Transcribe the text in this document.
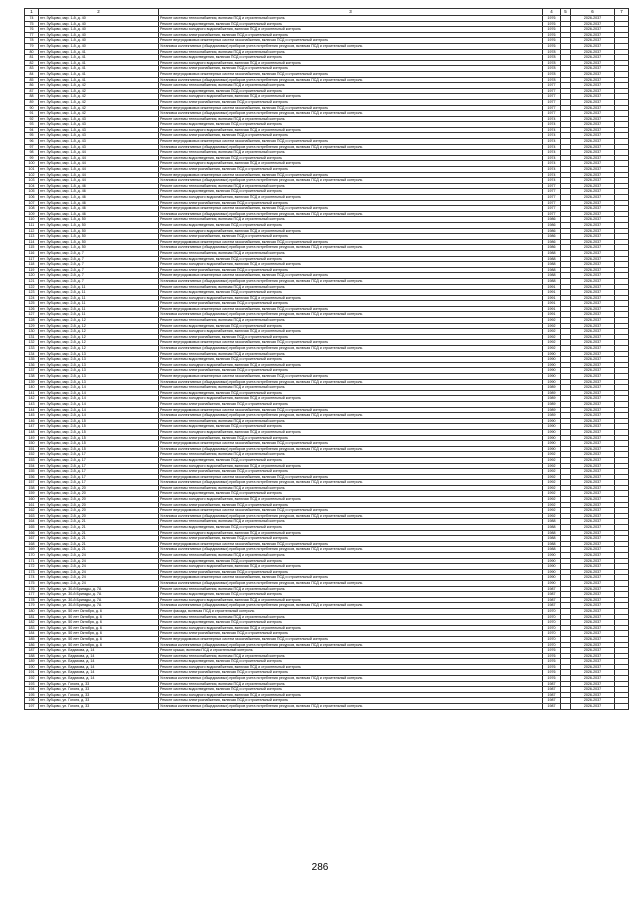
1	2	3	4	5	6	7
74	пгт. Зубцово, мкр. 1-й, д. 40	Ремонт системы теплоснабжения, включая ПСД и строительный контроль	1976		2026-2037	
75	пгт. Зубцово, мкр. 1-й, д. 40	Ремонт системы водоотведения, включая ПСД и строительный контроль	1976		2026-2037	
76	пгт. Зубцово, мкр. 1-й, д. 40	Ремонт системы холодного водоснабжения, включая ПСД и строительный контроль	1976		2026-2037	
77	пгт. Зубцово, мкр. 1-й, д. 40	Ремонт системы электроснабжения, включая ПСД и строительный контроль	1976		2026-2037	
78	пгт. Зубцово, мкр. 1-й, д. 40	Ремонт внутридомовых инженерных систем газоснабжения, включая ПСД и строительный контроль	1976		2026-2037	
79	пгт. Зубцово, мкр. 1-й, д. 40	Установка коллективных (общедомовых) приборов учета потребления ресурсов, включая ПСД и строительный контроль	1976		2026-2037	
80	пгт. Зубцово, мкр. 1-й, д. 41	Ремонт системы теплоснабжения, включая ПСД и строительный контроль	1978		2026-2037	
81	пгт. Зубцово, мкр. 1-й, д. 41	Ремонт системы водоотведения, включая ПСД и строительный контроль	1978		2026-2037	
82	пгт. Зубцово, мкр. 1-й, д. 41	Ремонт системы холодного водоснабжения, включая ПСД и строительный контроль	1978		2026-2037	
83	пгт. Зубцово, мкр. 1-й, д. 41	Ремонт системы электроснабжения, включая ПСД и строительный контроль	1978		2026-2037	
84	пгт. Зубцово, мкр. 1-й, д. 41	Ремонт внутридомовых инженерных систем газоснабжения, включая ПСД и строительный контроль	1978		2026-2037	
85	пгт. Зубцово, мкр. 1-й, д. 41	Установка коллективных (общедомовых) приборов учета потребления ресурсов, включая ПСД и строительный контроль	1978		2026-2037	
86	пгт. Зубцово, мкр. 1-й, д. 42	Ремонт системы теплоснабжения, включая ПСД и строительный контроль	1977		2026-2037	
87	пгт. Зубцово, мкр. 1-й, д. 42	Ремонт системы водоотведения, включая ПСД и строительный контроль	1977		2026-2037	
88	пгт. Зубцово, мкр. 1-й, д. 42	Ремонт системы холодного водоснабжения, включая ПСД и строительный контроль	1977		2026-2037	
89	пгт. Зубцово, мкр. 1-й, д. 42	Ремонт системы электроснабжения, включая ПСД и строительный контроль	1977		2026-2037	
90	пгт. Зубцово, мкр. 1-й, д. 42	Ремонт внутридомовых инженерных систем газоснабжения, включая ПСД и строительный контроль	1977		2026-2037	
91	пгт. Зубцово, мкр. 1-й, д. 42	Установка коллективных (общедомовых) приборов учета потребления ресурсов, включая ПСД и строительный контроль	1977		2026-2037	
92	пгт. Зубцово, мкр. 1-й, д. 43	Ремонт системы теплоснабжения, включая ПСД и строительный контроль	1974		2026-2037	
93	пгт. Зубцово, мкр. 1-й, д. 43	Ремонт системы водоотведения, включая ПСД и строительный контроль	1974		2026-2037	
94	пгт. Зубцово, мкр. 1-й, д. 43	Ремонт системы холодного водоснабжения, включая ПСД и строительный контроль	1974		2026-2037	
95	пгт. Зубцово, мкр. 1-й, д. 43	Ремонт системы электроснабжения, включая ПСД и строительный контроль	1974		2026-2037	
96	пгт. Зубцово, мкр. 1-й, д. 43	Ремонт внутридомовых инженерных систем газоснабжения, включая ПСД и строительный контроль	1974		2026-2037	
97	пгт. Зубцово, мкр. 1-й, д. 43	Установка коллективных (общедомовых) приборов учета потребления ресурсов, включая ПСД и строительный контроль	1974		2026-2037	
98	пгт. Зубцово, мкр. 1-й, д. 44	Ремонт системы теплоснабжения, включая ПСД и строительный контроль	1974		2026-2037	
99	пгт. Зубцово, мкр. 1-й, д. 44	Ремонт системы водоотведения, включая ПСД и строительный контроль	1974		2026-2037	
100	пгт. Зубцово, мкр. 1-й, д. 44	Ремонт системы холодного водоснабжения, включая ПСД и строительный контроль	1974		2026-2037	
101	пгт. Зубцово, мкр. 1-й, д. 44	Ремонт системы электроснабжения, включая ПСД и строительный контроль	1974		2026-2037	
102	пгт. Зубцово, мкр. 1-й, д. 44	Ремонт внутридомовых инженерных систем газоснабжения, включая ПСД и строительный контроль	1974		2026-2037	
103	пгт. Зубцово, мкр. 1-й, д. 44	Установка коллективных (общедомовых) приборов учета потребления ресурсов, включая ПСД и строительный контроль	1974		2026-2037	
104	пгт. Зубцово, мкр. 1-й, д. 46	Ремонт системы теплоснабжения, включая ПСД и строительный контроль	1977		2026-2037	
105	пгт. Зубцово, мкр. 1-й, д. 46	Ремонт системы водоотведения, включая ПСД и строительный контроль	1977		2026-2037	
106	пгт. Зубцово, мкр. 1-й, д. 46	Ремонт системы холодного водоснабжения, включая ПСД и строительный контроль	1977		2026-2037	
107	пгт. Зубцово, мкр. 1-й, д. 46	Ремонт системы электроснабжения, включая ПСД и строительный контроль	1977		2026-2037	
108	пгт. Зубцово, мкр. 1-й, д. 46	Ремонт внутридомовых инженерных систем газоснабжения, включая ПСД и строительный контроль	1977		2026-2037	
109	пгт. Зубцово, мкр. 1-й, д. 46	Установка коллективных (общедомовых) приборов учета потребления ресурсов, включая ПСД и строительный контроль	1977		2026-2037	
110	пгт. Зубцово, мкр. 1-й, д. 50	Ремонт системы теплоснабжения, включая ПСД и строительный контроль	1986		2026-2037	
111	пгт. Зубцово, мкр. 1-й, д. 50	Ремонт системы водоотведения, включая ПСД и строительный контроль	1986		2026-2037	
112	пгт. Зубцово, мкр. 1-й, д. 50	Ремонт системы холодного водоснабжения, включая ПСД и строительный контроль	1986		2026-2037	
113	пгт. Зубцово, мкр. 1-й, д. 50	Ремонт системы электроснабжения, включая ПСД и строительный контроль	1986		2026-2037	
114	пгт. Зубцово, мкр. 1-й, д. 50	Ремонт внутридомовых инженерных систем газоснабжения, включая ПСД и строительный контроль	1986		2026-2037	
115	пгт. Зубцово, мкр. 1-й, д. 50	Установка коллективных (общедомовых) приборов учета потребления ресурсов, включая ПСД и строительный контроль	1986		2026-2037	
116	пгт. Зубцово, мкр. 2-й, д. 7	Ремонт системы теплоснабжения, включая ПСД и строительный контроль	1988		2026-2037	
117	пгт. Зубцово, мкр. 2-й, д. 7	Ремонт системы водоотведения, включая ПСД и строительный контроль	1988		2026-2037	
118	пгт. Зубцово, мкр. 2-й, д. 7	Ремонт системы холодного водоснабжения, включая ПСД и строительный контроль	1988		2026-2037	
119	пгт. Зубцово, мкр. 2-й, д. 7	Ремонт системы электроснабжения, включая ПСД и строительный контроль	1988		2026-2037	
120	пгт. Зубцово, мкр. 2-й, д. 7	Ремонт внутридомовых инженерных систем газоснабжения, включая ПСД и строительный контроль	1988		2026-2037	
121	пгт. Зубцово, мкр. 2-й, д. 7	Установка коллективных (общедомовых) приборов учета потребления ресурсов, включая ПСД и строительный контроль	1988		2026-2037	
122	пгт. Зубцово, мкр. 2-й, д. 11	Ремонт системы теплоснабжения, включая ПСД и строительный контроль	1991		2026-2037	
123	пгт. Зубцово, мкр. 2-й, д. 11	Ремонт системы водоотведения, включая ПСД и строительный контроль	1991		2026-2037	
124	пгт. Зубцово, мкр. 2-й, д. 11	Ремонт системы холодного водоснабжения, включая ПСД и строительный контроль	1991		2026-2037	
125	пгт. Зубцово, мкр. 2-й, д. 11	Ремонт системы электроснабжения, включая ПСД и строительный контроль	1991		2026-2037	
126	пгт. Зубцово, мкр. 2-й, д. 11	Ремонт внутридомовых инженерных систем газоснабжения, включая ПСД и строительный контроль	1991		2026-2037	
127	пгт. Зубцово, мкр. 2-й, д. 11	Установка коллективных (общедомовых) приборов учета потребления ресурсов, включая ПСД и строительный контроль	1991		2026-2037	
128	пгт. Зубцово, мкр. 2-й, д. 12	Ремонт системы теплоснабжения, включая ПСД и строительный контроль	1992		2026-2037	
129	пгт. Зубцово, мкр. 2-й, д. 12	Ремонт системы водоотведения, включая ПСД и строительный контроль	1992		2026-2037	
130	пгт. Зубцово, мкр. 2-й, д. 12	Ремонт системы холодного водоснабжения, включая ПСД и строительный контроль	1992		2026-2037	
131	пгт. Зубцово, мкр. 2-й, д. 12	Ремонт системы электроснабжения, включая ПСД и строительный контроль	1992		2026-2037	
132	пгт. Зубцово, мкр. 2-й, д. 12	Ремонт внутридомовых инженерных систем газоснабжения, включая ПСД и строительный контроль	1992		2026-2037	
133	пгт. Зубцово, мкр. 2-й, д. 12	Установка коллективных (общедомовых) приборов учета потребления ресурсов, включая ПСД и строительный контроль	1992		2026-2037	
134	пгт. Зубцово, мкр. 2-й, д. 13	Ремонт системы теплоснабжения, включая ПСД и строительный контроль	1990		2026-2037	
135	пгт. Зубцово, мкр. 2-й, д. 13	Ремонт системы водоотведения, включая ПСД и строительный контроль	1990		2026-2037	
136	пгт. Зубцово, мкр. 2-й, д. 13	Ремонт системы холодного водоснабжения, включая ПСД и строительный контроль	1990		2026-2037	
137	пгт. Зубцово, мкр. 2-й, д. 13	Ремонт системы электроснабжения, включая ПСД и строительный контроль	1990		2026-2037	
138	пгт. Зубцово, мкр. 2-й, д. 13	Ремонт внутридомовых инженерных систем газоснабжения, включая ПСД и строительный контроль	1990		2026-2037	
139	пгт. Зубцово, мкр. 2-й, д. 13	Установка коллективных (общедомовых) приборов учета потребления ресурсов, включая ПСД и строительный контроль	1990		2026-2037	
140	пгт. Зубцово, мкр. 2-й, д. 14	Ремонт системы теплоснабжения, включая ПСД и строительный контроль	1989		2026-2037	
141	пгт. Зубцово, мкр. 2-й, д. 14	Ремонт системы водоотведения, включая ПСД и строительный контроль	1989		2026-2037	
142	пгт. Зубцово, мкр. 2-й, д. 14	Ремонт системы холодного водоснабжения, включая ПСД и строительный контроль	1989		2026-2037	
143	пгт. Зубцово, мкр. 2-й, д. 14	Ремонт системы электроснабжения, включая ПСД и строительный контроль	1989		2026-2037	
144	пгт. Зубцово, мкр. 2-й, д. 14	Ремонт внутридомовых инженерных систем газоснабжения, включая ПСД и строительный контроль	1989		2026-2037	
145	пгт. Зубцово, мкр. 2-й, д. 14	Установка коллективных (общедомовых) приборов учета потребления ресурсов, включая ПСД и строительный контроль	1989		2026-2037	
146	пгт. Зубцово, мкр. 2-й, д. 15	Ремонт системы теплоснабжения, включая ПСД и строительный контроль	1990		2026-2037	
147	пгт. Зубцово, мкр. 2-й, д. 15	Ремонт системы водоотведения, включая ПСД и строительный контроль	1990		2026-2037	
148	пгт. Зубцово, мкр. 2-й, д. 15	Ремонт системы холодного водоснабжения, включая ПСД и строительный контроль	1990		2026-2037	
149	пгт. Зубцово, мкр. 2-й, д. 15	Ремонт системы электроснабжения, включая ПСД и строительный контроль	1990		2026-2037	
150	пгт. Зубцово, мкр. 2-й, д. 15	Ремонт внутридомовых инженерных систем газоснабжения, включая ПСД и строительный контроль	1990		2026-2037	
151	пгт. Зубцово, мкр. 2-й, д. 15	Установка коллективных (общедомовых) приборов учета потребления ресурсов, включая ПСД и строительный контроль	1990		2026-2037	
152	пгт. Зубцово, мкр. 2-й, д. 17	Ремонт системы теплоснабжения, включая ПСД и строительный контроль	1992		2026-2037	
153	пгт. Зубцово, мкр. 2-й, д. 17	Ремонт системы водоотведения, включая ПСД и строительный контроль	1992		2026-2037	
154	пгт. Зубцово, мкр. 2-й, д. 17	Ремонт системы холодного водоснабжения, включая ПСД и строительный контроль	1992		2026-2037	
155	пгт. Зубцово, мкр. 2-й, д. 17	Ремонт системы электроснабжения, включая ПСД и строительный контроль	1992		2026-2037	
156	пгт. Зубцово, мкр. 2-й, д. 17	Ремонт внутридомовых инженерных систем газоснабжения, включая ПСД и строительный контроль	1992		2026-2037	
157	пгт. Зубцово, мкр. 2-й, д. 17	Установка коллективных (общедомовых) приборов учета потребления ресурсов, включая ПСД и строительный контроль	1992		2026-2037	
158	пгт. Зубцово, мкр. 2-й, д. 20	Ремонт системы теплоснабжения, включая ПСД и строительный контроль	1992		2026-2037	
159	пгт. Зубцово, мкр. 2-й, д. 20	Ремонт системы водоотведения, включая ПСД и строительный контроль	1992		2026-2037	
160	пгт. Зубцово, мкр. 2-й, д. 20	Ремонт системы холодного водоснабжения, включая ПСД и строительный контроль	1992		2026-2037	
161	пгт. Зубцово, мкр. 2-й, д. 20	Ремонт системы электроснабжения, включая ПСД и строительный контроль	1992		2026-2037	
162	пгт. Зубцово, мкр. 2-й, д. 20	Ремонт внутридомовых инженерных систем газоснабжения, включая ПСД и строительный контроль	1992		2026-2037	
163	пгт. Зубцово, мкр. 2-й, д. 20	Установка коллективных (общедомовых) приборов учета потребления ресурсов, включая ПСД и строительный контроль	1992		2026-2037	
164	пгт. Зубцово, мкр. 2-й, д. 21	Ремонт системы теплоснабжения, включая ПСД и строительный контроль	1988		2026-2037	
165	пгт. Зубцово, мкр. 2-й, д. 21	Ремонт системы водоотведения, включая ПСД и строительный контроль	1988		2026-2037	
166	пгт. Зубцово, мкр. 2-й, д. 21	Ремонт системы холодного водоснабжения, включая ПСД и строительный контроль	1988		2026-2037	
167	пгт. Зубцово, мкр. 2-й, д. 21	Ремонт системы электроснабжения, включая ПСД и строительный контроль	1988		2026-2037	
168	пгт. Зубцово, мкр. 2-й, д. 21	Ремонт внутридомовых инженерных систем газоснабжения, включая ПСД и строительный контроль	1988		2026-2037	
169	пгт. Зубцово, мкр. 2-й, д. 21	Установка коллективных (общедомовых) приборов учета потребления ресурсов, включая ПСД и строительный контроль	1988		2026-2037	
170	пгт. Зубцово, мкр. 2-й, д. 24	Ремонт системы теплоснабжения, включая ПСД и строительный контроль	1990		2026-2037	
171	пгт. Зубцово, мкр. 2-й, д. 24	Ремонт системы водоотведения, включая ПСД и строительный контроль	1990		2026-2037	
172	пгт. Зубцово, мкр. 2-й, д. 24	Ремонт системы холодного водоснабжения, включая ПСД и строительный контроль	1990		2026-2037	
173	пгт. Зубцово, мкр. 2-й, д. 24	Ремонт системы электроснабжения, включая ПСД и строительный контроль	1990		2026-2037	
174	пгт. Зубцово, мкр. 2-й, д. 24	Ремонт внутридомовых инженерных систем газоснабжения, включая ПСД и строительный контроль	1990		2026-2037	
175	пгт. Зубцово, мкр. 2-й, д. 24	Установка коллективных (общедомовых) приборов учета потребления ресурсов, включая ПСД и строительный контроль	1990		2026-2037	
176	пгт. Зубцово, ул. 30-й Бригады, д. 7А	Ремонт системы теплоснабжения, включая ПСД и строительный контроль	1987		2026-2037	
177	пгт. Зубцово, ул. 30-й Бригады, д. 7А	Ремонт системы водоотведения, включая ПСД и строительный контроль	1987		2026-2037	
178	пгт. Зубцово, ул. 30-й Бригады, д. 7А	Ремонт системы холодного водоснабжения, включая ПСД и строительный контроль	1987		2026-2037	
179	пгт. Зубцово, ул. 30-й Бригады, д. 7А	Установка коллективных (общедомовых) приборов учета потребления ресурсов, включая ПСД и строительный контроль	1987		2026-2037	
180	пгт. Зубцово, ул. 50 лет Октября, д. 6	Ремонт фасада, включая ПСД и строительный контроль	1970		2026-2037	
181	пгт. Зубцово, ул. 50 лет Октября, д. 6	Ремонт системы теплоснабжения, включая ПСД и строительный контроль	1970		2026-2037	
182	пгт. Зубцово, ул. 50 лет Октября, д. 6	Ремонт системы водоотведения, включая ПСД и строительный контроль	1970		2026-2037	
183	пгт. Зубцово, ул. 50 лет Октября, д. 6	Ремонт системы холодного водоснабжения, включая ПСД и строительный контроль	1970		2026-2037	
184	пгт. Зубцово, ул. 50 лет Октября, д. 6	Ремонт системы электроснабжения, включая ПСД и строительный контроль	1970		2026-2037	
185	пгт. Зубцово, ул. 50 лет Октября, д. 6	Ремонт внутридомовых инженерных систем газоснабжения, включая ПСД и строительный контроль	1970		2026-2037	
186	пгт. Зубцово, ул. 50 лет Октября, д. 6	Установка коллективных (общедомовых) приборов учета потребления ресурсов, включая ПСД и строительный контроль	1970		2026-2037	
187	пгт. Зубцово, ул. Бедахова, д. 14	Ремонт крыши, включая ПСД и строительный контроль	1976		2026-2037	
188	пгт. Зубцово, ул. Бедахова, д. 14	Ремонт системы теплоснабжения, включая ПСД и строительный контроль	1976		2026-2037	
189	пгт. Зубцово, ул. Бедахова, д. 14	Ремонт системы водоотведения, включая ПСД и строительный контроль	1976		2026-2037	
190	пгт. Зубцово, ул. Бедахова, д. 14	Ремонт системы холодного водоснабжения, включая ПСД и строительный контроль	1976		2026-2037	
191	пгт. Зубцово, ул. Бедахова, д. 14	Ремонт системы электроснабжения, включая ПСД и строительный контроль	1976		2026-2037	
192	пгт. Зубцово, ул. Бедахова, д. 14	Установка коллективных (общедомовых) приборов учета потребления ресурсов, включая ПСД и строительный контроль	1976		2026-2037	
193	пгт. Зубцово, ул. Гоголя, д. 33	Ремонт системы теплоснабжения, включая ПСД и строительный контроль	1987		2026-2037	
194	пгт. Зубцово, ул. Гоголя, д. 33	Ремонт системы водоотведения, включая ПСД и строительный контроль	1987		2026-2037	
195	пгт. Зубцово, ул. Гоголя, д. 33	Ремонт системы холодного водоснабжения, включая ПСД и строительный контроль	1987		2026-2037	
196	пгт. Зубцово, ул. Гоголя, д. 33	Ремонт системы электроснабжения, включая ПСД и строительный контроль	1987		2026-2037	
197	пгт. Зубцово, ул. Гоголя, д. 33	Установка коллективных (общедомовых) приборов учета потребления ресурсов, включая ПСД и строительный контроль	1987		2026-2037	
286
